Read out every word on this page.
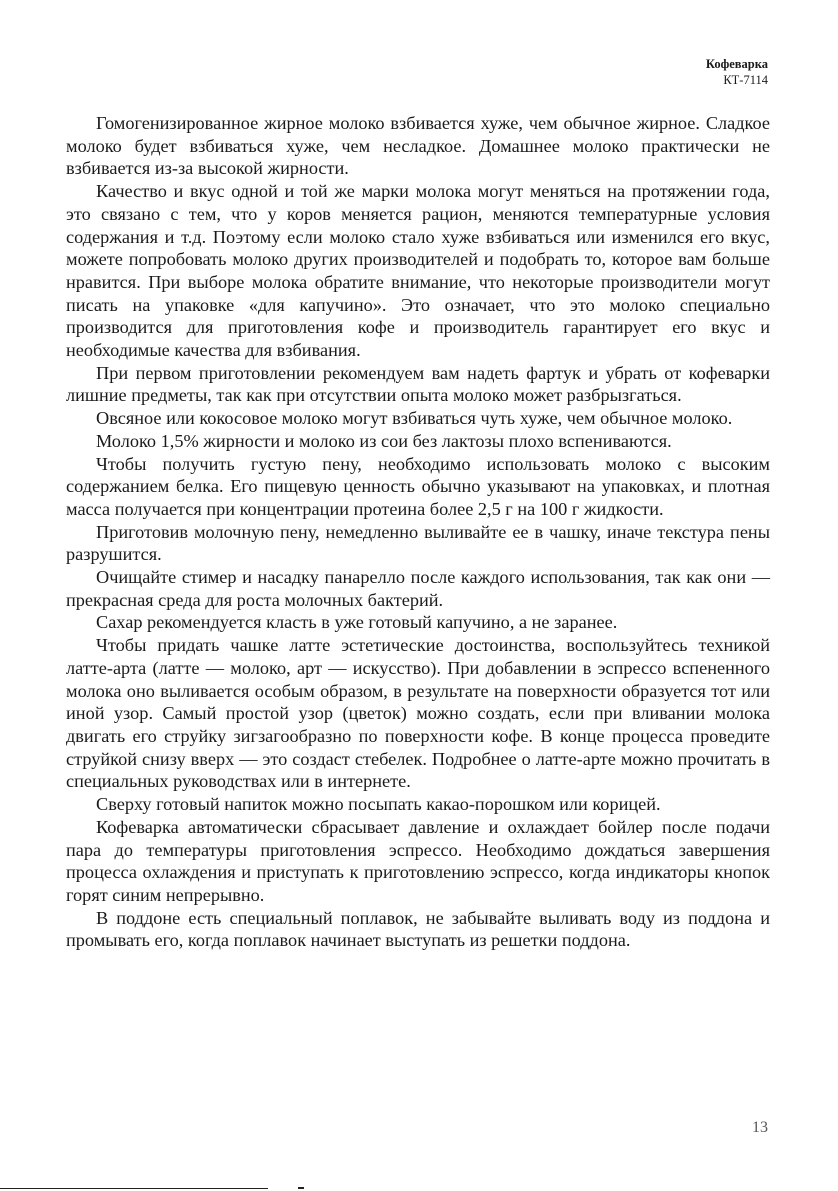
Кофеварка
КТ-7114

Гомогенизированное жирное молоко взбивается хуже, чем обычное жирное. Сладкое молоко будет взбиваться хуже, чем несладкое. Домашнее молоко практически не взбивается из-за высокой жирности.

Качество и вкус одной и той же марки молока могут меняться на протяжении года, это связано с тем, что у коров меняется рацион, меняются температурные условия содержания и т.д. Поэтому если молоко стало хуже взбиваться или изменился его вкус, можете попробовать молоко других производителей и подобрать то, которое вам больше нравится. При выборе молока обратите внимание, что некоторые производители могут писать на упаковке «для капучино». Это означает, что это молоко специально производится для приготовления кофе и производитель гарантирует его вкус и необходимые качества для взбивания.

При первом приготовлении рекомендуем вам надеть фартук и убрать от кофеварки лишние предметы, так как при отсутствии опыта молоко может разбрызгаться.

Овсяное или кокосовое молоко могут взбиваться чуть хуже, чем обычное молоко.

Молоко 1,5% жирности и молоко из сои без лактозы плохо вспениваются.

Чтобы получить густую пену, необходимо использовать молоко с высоким содержанием белка. Его пищевую ценность обычно указывают на упаковках, и плотная масса получается при концентрации протеина более 2,5 г на 100 г жидкости.

Приготовив молочную пену, немедленно выливайте ее в чашку, иначе текстура пены разрушится.

Очищайте стимер и насадку панарелло после каждого использования, так как они — прекрасная среда для роста молочных бактерий.

Сахар рекомендуется класть в уже готовый капучино, а не заранее.

Чтобы придать чашке латте эстетические достоинства, воспользуйтесь техникой латте-арта (латте — молоко, арт — искусство). При добавлении в эспрессо вспененного молока оно выливается особым образом, в результате на поверхности образуется тот или иной узор. Самый простой узор (цветок) можно создать, если при вливании молока двигать его струйку зигзагообразно по поверхности кофе. В конце процесса проведите струйкой снизу вверх — это создаст стебелек. Подробнее о латте-арте можно прочитать в специальных руководствах или в интернете.

Сверху готовый напиток можно посыпать какао-порошком или корицей.

Кофеварка автоматически сбрасывает давление и охлаждает бойлер после подачи пара до температуры приготовления эспрессо. Необходимо дождаться завершения процесса охлаждения и приступать к приготовлению эспрессо, когда индикаторы кнопок горят синим непрерывно.

В поддоне есть специальный поплавок, не забывайте выливать воду из поддона и промывать его, когда поплавок начинает выступать из решетки поддона.

13
